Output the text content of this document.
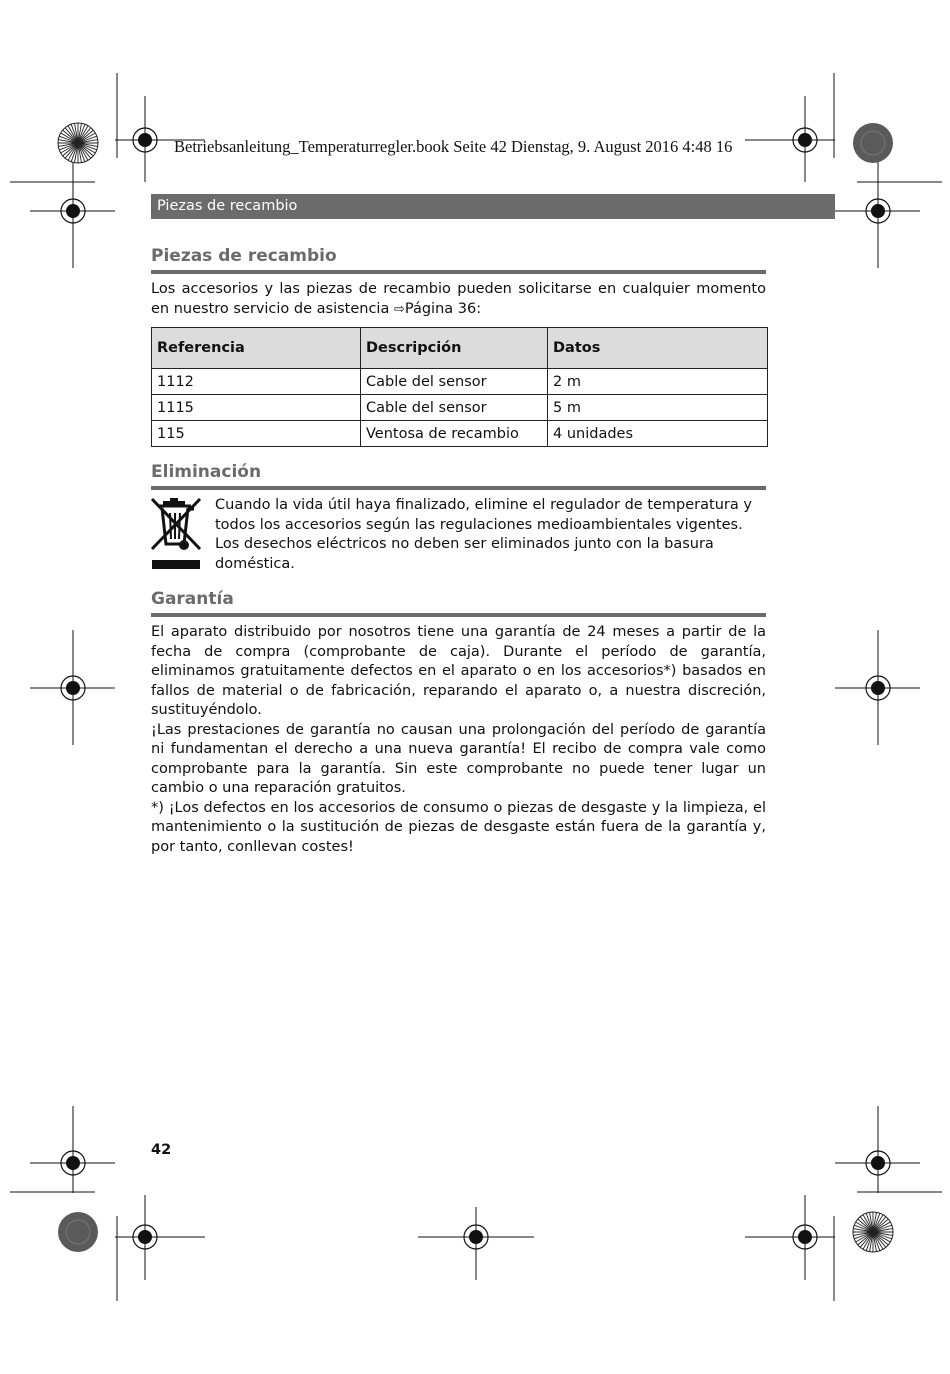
Betriebsanleitung_Temperaturregler.book Seite 42 Dienstag, 9. August 2016 4:48 16
Piezas de recambio
Piezas de recambio
Los accesorios y las piezas de recambio pueden solicitarse en cualquier momento en nuestro servicio de asistencia ⇨Página 36:
Referencia	Descripción	Datos
1112	Cable del sensor	2 m
1115	Cable del sensor	5 m
115	Ventosa de recambio	4 unidades
Eliminación

Cuando la vida útil haya finalizado, elimine el regulador de temperatura y todos los accesorios según las regulaciones medioambientales vigentes. Los desechos eléctricos no deben ser eliminados junto con la basura doméstica.

Garantía

El aparato distribuido por nosotros tiene una garantía de 24 meses a partir de la fecha de compra (comprobante de caja). Durante el período de garantía, eliminamos gratuitamente defectos en el aparato o en los accesorios*) basados en fallos de material o de fabricación, reparando el aparato o, a nuestra discreción, sustituyéndolo.

¡Las prestaciones de garantía no causan una prolongación del período de garantía ni fundamentan el derecho a una nueva garantía! El recibo de compra vale como comprobante para la garantía. Sin este comprobante no puede tener lugar un cambio o una reparación gratuitos.

*) ¡Los defectos en los accesorios de consumo o piezas de desgaste y la limpieza, el mantenimiento o la sustitución de piezas de desgaste están fuera de la garantía y, por tanto, conllevan costes!

42
